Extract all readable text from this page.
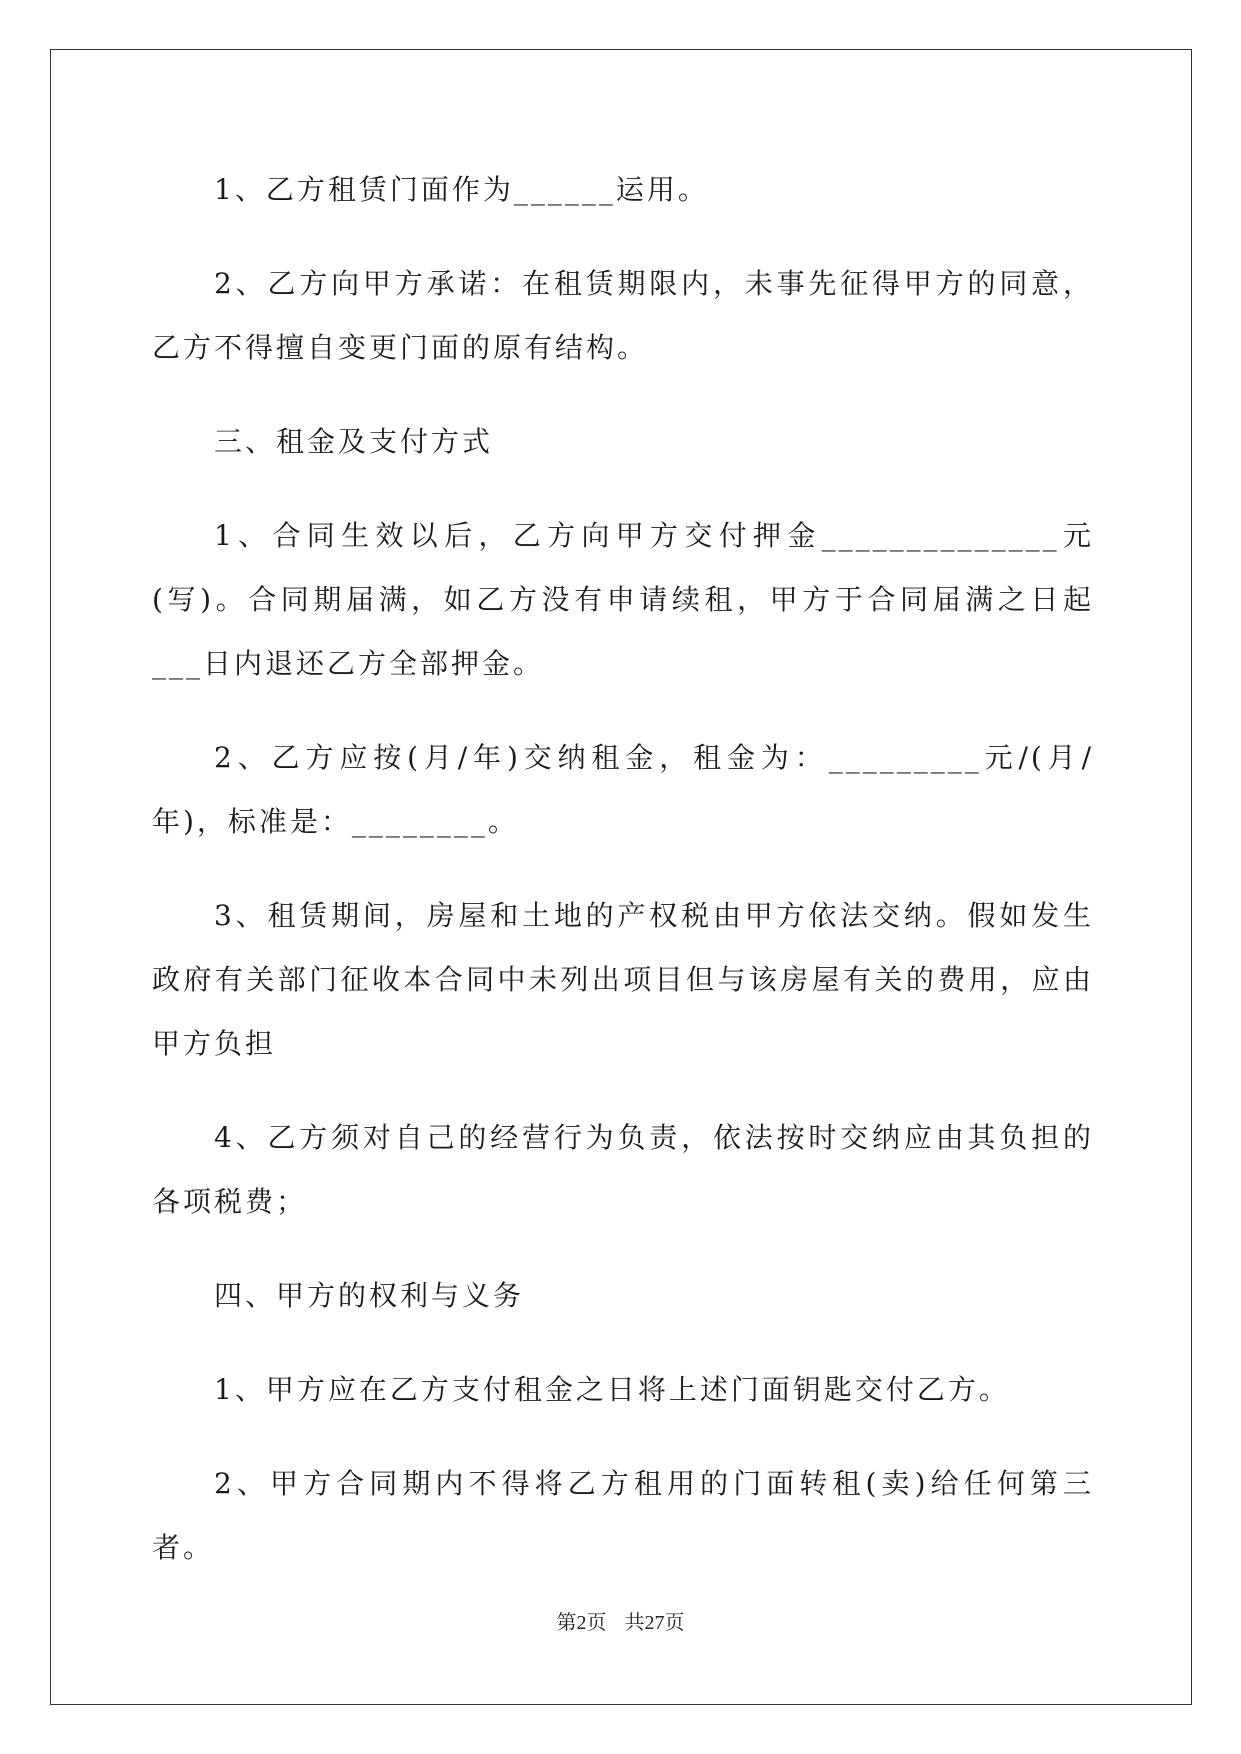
1、乙方租赁门面作为______运用。

2、乙方向甲方承诺：在租赁期限内，未事先征得甲方的同意，乙方不得擅自变更门面的原有结构。

三、租金及支付方式

1、合同生效以后，乙方向甲方交付押金______________元(写)。合同期届满，如乙方没有申请续租，甲方于合同届满之日起___日内退还乙方全部押金。

2、乙方应按(月/年)交纳租金，租金为：_________元/(月/年)，标准是：________。

3、租赁期间，房屋和土地的产权税由甲方依法交纳。假如发生政府有关部门征收本合同中未列出项目但与该房屋有关的费用，应由甲方负担

4、乙方须对自己的经营行为负责，依法按时交纳应由其负担的各项税费；

四、甲方的权利与义务

1、甲方应在乙方支付租金之日将上述门面钥匙交付乙方。

2、甲方合同期内不得将乙方租用的门面转租(卖)给任何第三者。

第2页 共27页
